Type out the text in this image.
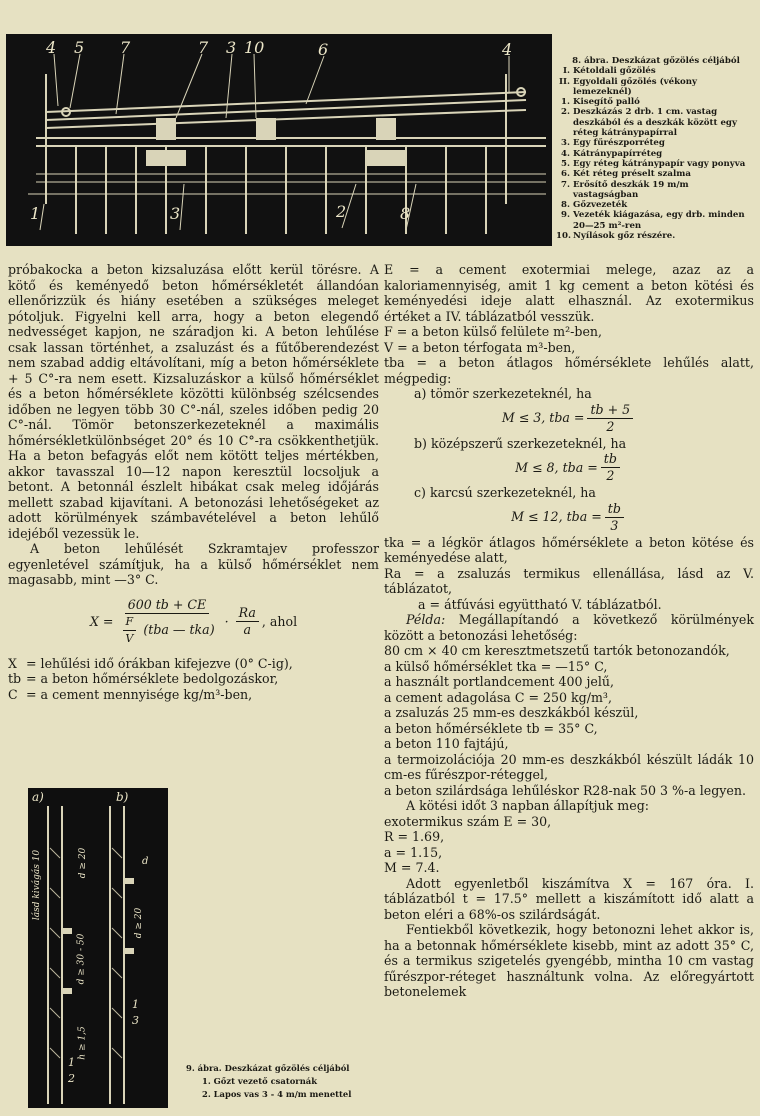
4 5 7	7 3 10	6	4
1	3	2	8
8. ábra. Deszkázat gőzölés céljából
I. Kétoldali gőzölés
II. Egyoldali gőzölés (vékony lemezeknél)
1. Kisegítő palló
2. Deszkázás 2 drb. 1 cm. vastag deszkából és a deszkák között egy réteg kátránypapírral
3. Egy fűrészporréteg
4. Kátránypapírréteg
5. Egy réteg kátránypapír vagy ponyva
6. Két réteg préselt szalma
7. Erősítő deszkák 19 m/m vastagságban
8. Gőzvezeték
9. Vezeték kiágazása, egy drb. minden 20—25 m²-ren
10. Nyílások gőz részére.

próbakocka a beton kizsaluzása előtt kerül törésre. A kötő és keményedő beton hőmérsékletét állandóan ellenőrizzük és hiány esetében a szükséges meleget pótoljuk. Figyelni kell arra, hogy a beton elegendő nedvességet kapjon, ne száradjon ki. A beton lehűlése csak lassan történhet, a zsaluzást és a fűtőberendezést nem szabad addig eltávolítani, míg a beton hőmérséklete + 5 C°-ra nem esett. Kizsaluzáskor a külső hőmérséklet és a beton hőmérséklete közötti különbség szélcsendes időben ne legyen több 30 C°-nál, szeles időben pedig 20 C°-nál. Tömör betonszerkezeteknél a maximális hőmérsékletkülönbséget 20° és 10 C°-ra csökkenthetjük. Ha a beton befagyás előt nem kötött teljes mértékben, akkor tavasszal 10—12 napon keresztül locsoljuk a betont. A betonnál észlelt hibákat csak meleg időjárás mellett szabad kijavítani. A betonozási lehetőségeket az adott körülmények számbavételével a beton lehűlő idejéből vezessük le.

A beton lehűlését Szkramtajev professzor egyenletével számítjuk, ha a külső hőmérséklet nem magasabb, mint —3° C.

$X = \frac{600 tb + CE}{\frac{F}{V} (tba — tka)} \cdot \frac{Ra}{a}$ , ahol
X = lehűlési idő órákban kifejezve (0° C-ig),
tb = a beton hőmérséklete bedolgozáskor,
C = a cement mennyisége kg/m³-ben,
a)	b)
lásd kivágás 10	d ≥ 20
d ≥ 30 - 50
h ≥ 1,5
d ≥ 20
d
1
2
1
3
9. ábra. Deszkázat gőzölés céljából
1. Gőzt vezető csatornák
2. Lapos vas 3 - 4 m/m menettel

E = a cement exotermiai melege, azaz az a kaloriamennyiség, amit 1 kg cement a beton kötési és keményedési ideje alatt elhasznál. Az exotermikus értéket a IV. táblázatból vesszük.

F = a beton külső felülete m²-ben,

V = a beton térfogata m³-ben,

tba = a beton átlagos hőmérséklete lehűlés alatt, mégpedig:

a) tömör szerkezeteknél, ha

M ≤ 3, tba = $\frac{tb + 5}{2}$

b) középszerű szerkezeteknél, ha

M ≤ 8, tba = $\frac{tb}{2}$

c) karcsú szerkezeteknél, ha

M ≤ 12, tba = $\frac{tb}{3}$

tka = a légkör átlagos hőmérséklete a beton kötése és keményedése alatt,

Ra = a zsaluzás termikus ellenállása, lásd az V. táblázatot,

a = átfúvási együttható V. táblázatból.

Példa: Megállapítandó a következő körülmények között a betonozási lehetőség:

80 cm × 40 cm keresztmetszetű tartók betonozandók,

a külső hőmérséklet tka = —15° C,

a használt portlandcement 400 jelű,

a cement adagolása C = 250 kg/m³,

a zsaluzás 25 mm-es deszkákból készül,

a beton hőmérséklete tb = 35° C,

a beton 110 fajtájú,

a termoizolációja 20 mm-es deszkákból készült ládák 10 cm-es fűrészpor-réteggel,

a beton szilárdsága lehűléskor R28-nak 50 3 %-a legyen.

A kötési időt 3 napban állapítjuk meg:

exotermikus szám E = 30,

R = 1.69,

a = 1.15,

M = 7.4.

Adott egyenletből kiszámítva X = 167 óra. I. táblázatból t = 17.5° mellett a kiszámított idő alatt a beton eléri a 68%-os szilárdságát.

Fentiekből következik, hogy betonozni lehet akkor is, ha a betonnak hőmérséklete kisebb, mint az adott 35° C, és a termikus szigetelés gyengébb, mintha 10 cm vastag fűrészpor-réteget használtunk volna. Az előregyártott betonelemek
